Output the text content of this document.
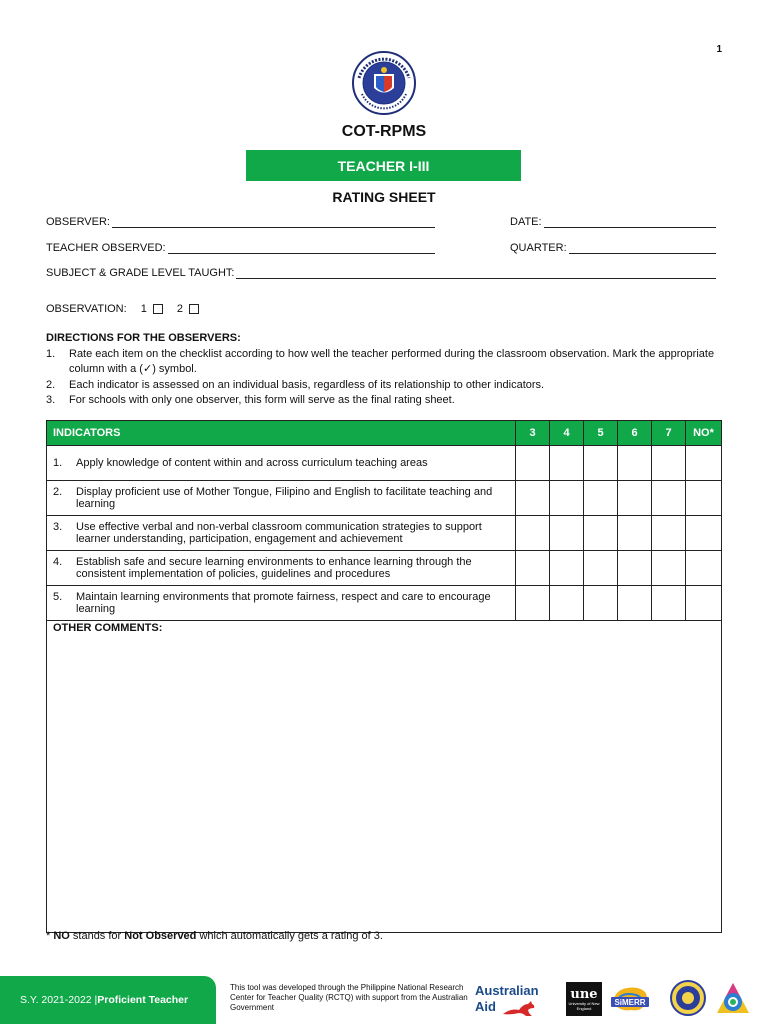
1
COT-RPMS
TEACHER I-III
RATING SHEET
OBSERVER:	DATE:
TEACHER OBSERVED:	QUARTER:
SUBJECT & GRADE LEVEL TAUGHT:
OBSERVATION: 1	2
DIRECTIONS FOR THE OBSERVERS:
1.	Rate each item on the checklist according to how well the teacher performed during the classroom observation. Mark the appropriate column with a (✓) symbol.
2.	Each indicator is assessed on an individual basis, regardless of its relationship to other indicators.
3.	For schools with only one observer, this form will serve as the final rating sheet.
INDICATORS	3	4	5	6	7	NO*

1. Apply knowledge of content within and across curriculum teaching areas						

2. Display proficient use of Mother Tongue, Filipino and English to facilitate teaching and learning						

3. Use effective verbal and non-verbal classroom communication strategies to support learner understanding, participation, engagement and achievement						

4. Establish safe and secure learning environments to enhance learning through the consistent implementation of policies, guidelines and procedures						

5. Maintain learning environments that promote fairness, respect and care to encourage learning						

OTHER COMMENTS:						
* NO stands for Not Observed which automatically gets a rating of 3.
S.Y. 2021-2022 | Proficient Teacher
This tool was developed through the Philippine National Research Center for Teacher Quality (RCTQ) with support from the Australian Government
Australian
Aid
une
University of New England
SiMERR
